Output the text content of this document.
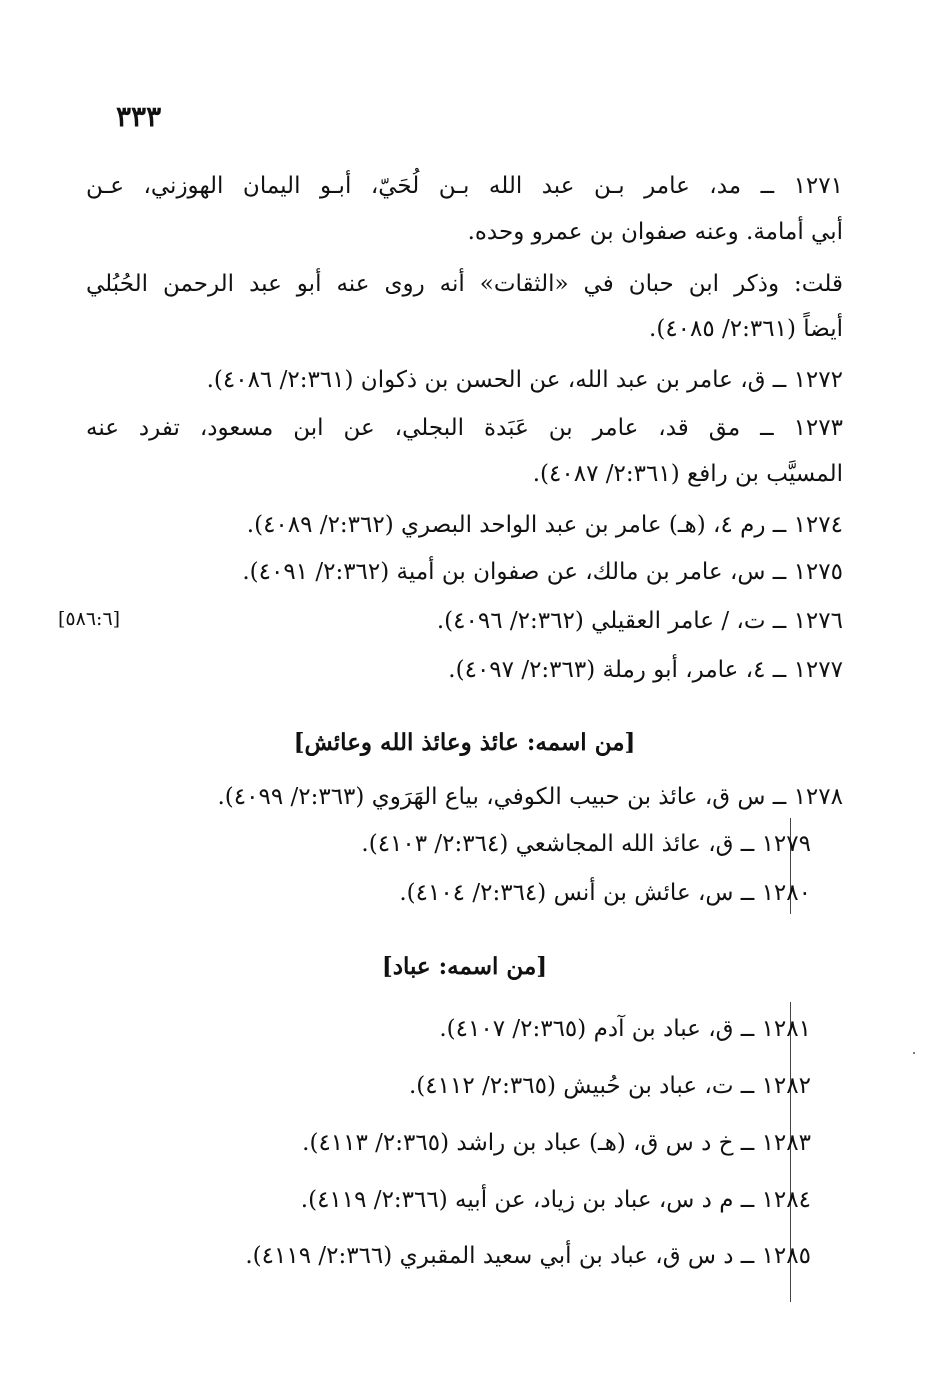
٣٣٣
١٢٧١ ــ مد، عامر بـن عبد الله بـن لُحَيّ، أبـو اليمان الهوزني، عـن
أبي أمامة. وعنه صفوان بن عمرو وحده.
قلت: وذكر ابن حبان في «الثقات» أنه روى عنه أبو عبد الرحمن الحُبُلي
أيضاً (٢:٣٦١/ ٤٠٨٥).
١٢٧٢ ــ ق، عامر بن عبد الله، عن الحسن بن ذكوان (٢:٣٦١/ ٤٠٨٦).
١٢٧٣ ــ مق قد، عامر بن عَبَدة البجلي، عن ابن مسعود، تفرد عنه
المسيَّب بن رافع (٢:٣٦١/ ٤٠٨٧).
١٢٧٤ ــ رم ٤، (هـ) عامر بن عبد الواحد البصري (٢:٣٦٢/ ٤٠٨٩).
١٢٧٥ ــ س، عامر بن مالك، عن صفوان بن أمية (٢:٣٦٢/ ٤٠٩١).
١٢٧٦ ــ ت، / عامر العقيلي (٢:٣٦٢/ ٤٠٩٦).
[٥٨٦:٦]
١٢٧٧ ــ ٤، عامر، أبو رملة (٢:٣٦٣/ ٤٠٩٧).
[من اسمه: عائذ وعائذ الله وعائش]
١٢٧٨ ــ س ق، عائذ بن حبيب الكوفي، بياع الهَرَوي (٢:٣٦٣/ ٤٠٩٩).
١٢٧٩ ــ ق، عائذ الله المجاشعي (٢:٣٦٤/ ٤١٠٣).
١٢٨٠ ــ س، عائش بن أنس (٢:٣٦٤/ ٤١٠٤).
[من اسمه: عباد]
١٢٨١ ــ ق، عباد بن آدم (٢:٣٦٥/ ٤١٠٧).
١٢٨٢ ــ ت، عباد بن حُبيش (٢:٣٦٥/ ٤١١٢).
١٢٨٣ ــ خ د س ق، (هـ) عباد بن راشد (٢:٣٦٥/ ٤١١٣).
١٢٨٤ ــ م د س، عباد بن زياد، عن أبيه (٢:٣٦٦/ ٤١١٩).
١٢٨٥ ــ د س ق، عباد بن أبي سعيد المقبري (٢:٣٦٦/ ٤١١٩).
